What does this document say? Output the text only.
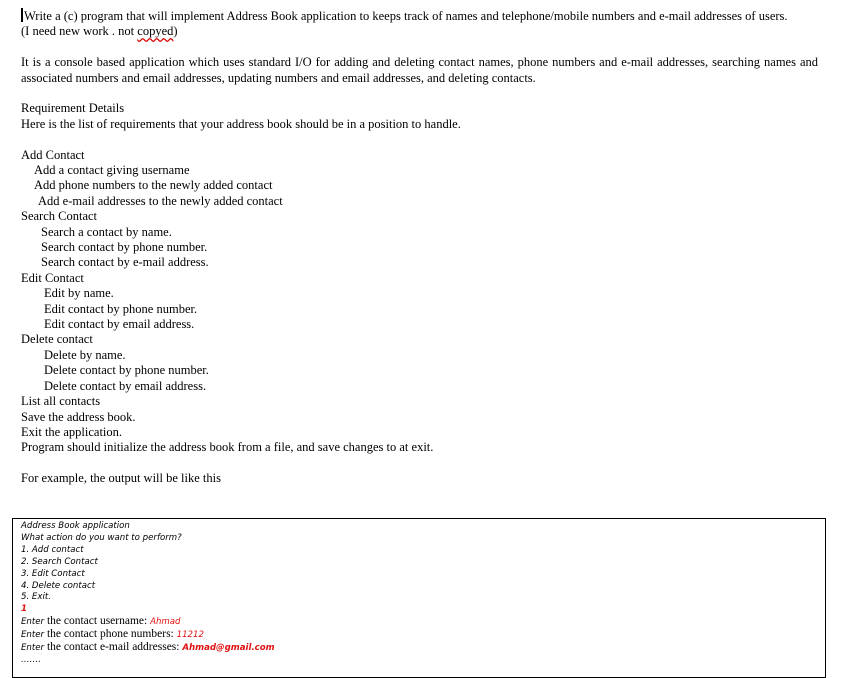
Write a (c) program that will implement Address Book application to keeps track of names and telephone/mobile numbers and e-mail addresses of users.

(I need new work . not copyed)

It is a console based application which uses standard I/O for adding and deleting contact names, phone numbers and e-mail addresses, searching names and associated numbers and email addresses, updating numbers and email addresses, and deleting contacts.

Requirement Details

Here is the list of requirements that your address book should be in a position to handle.

Add Contact

Add a contact giving username

Add phone numbers to the newly added contact

Add e-mail addresses to the newly added contact

Search Contact

Search a contact by name.

Search contact by phone number.

Search contact by e-mail address.

Edit Contact

Edit by name.

Edit contact by phone number.

Edit contact by email address.

Delete contact

Delete by name.

Delete contact by phone number.

Delete contact by email address.

List all contacts

Save the address book.

Exit the application.

Program should initialize the address book from a file, and save changes to at exit.

For example, the output will be like this

Address Book application
What action do you want to perform?
1. Add contact
2. Search Contact
3. Edit Contact
4. Delete contact
5. Exit.
1
Enter the contact username: Ahmad
Enter the contact phone numbers: 11212
Enter the contact e-mail addresses: Ahmad@gmail.com
…….
